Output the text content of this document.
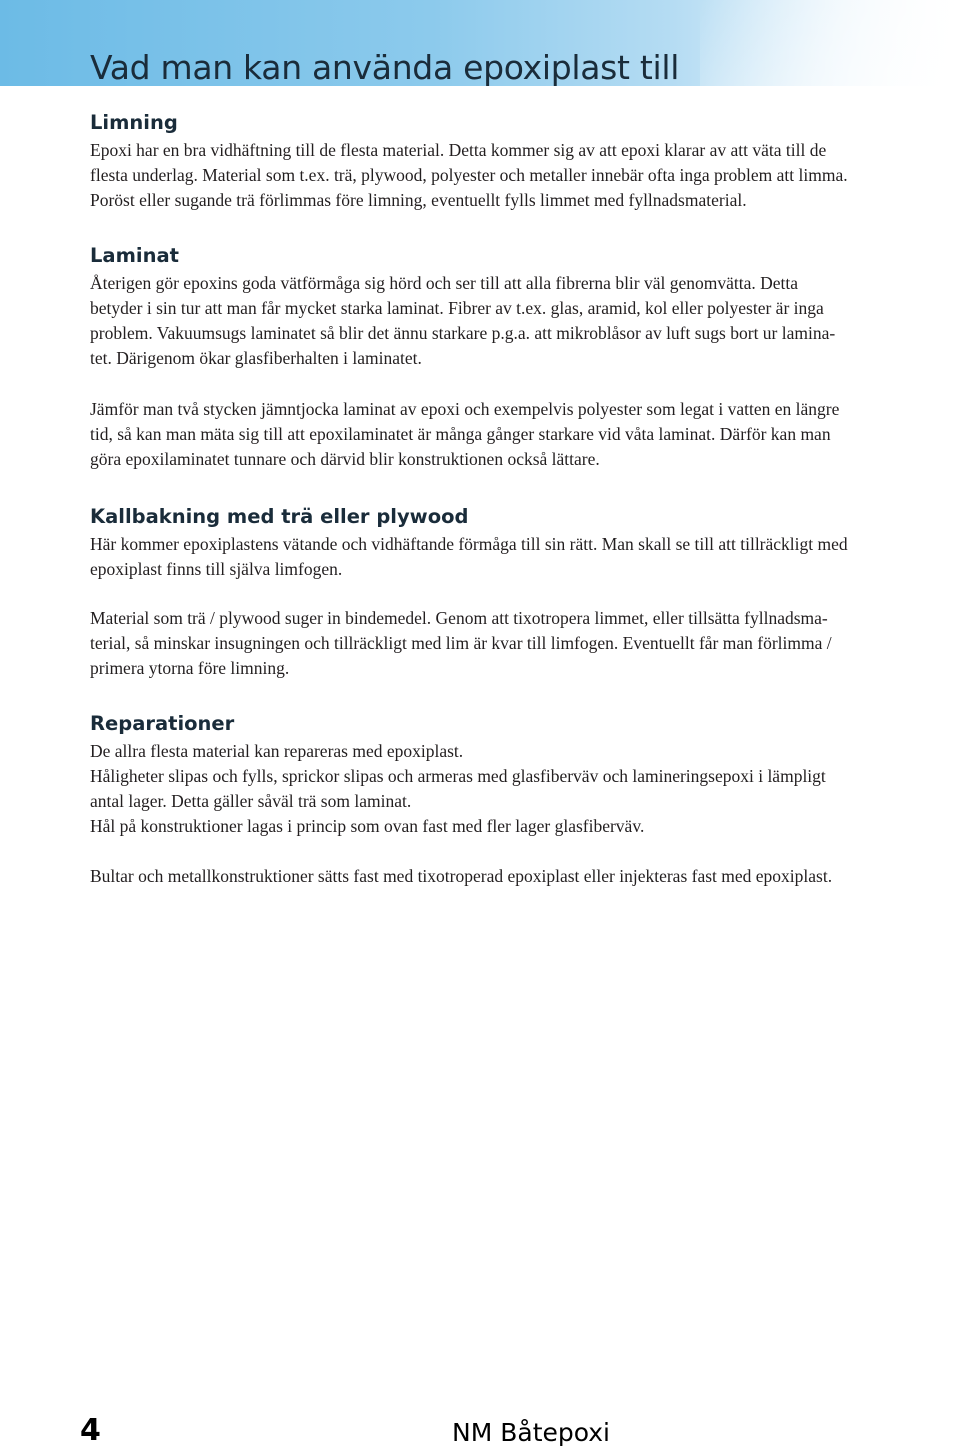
Vad man kan använda epoxiplast till
Limning

Epoxi har en bra vidhäftning till de flesta material. Detta kommer sig av att epoxi klarar av att väta till de
flesta underlag. Material som t.ex. trä, plywood, polyester och metaller innebär ofta inga problem att limma.
Poröst eller sugande trä förlimmas före limning, eventuellt fylls limmet med fyllnadsmaterial.

Laminat

Återigen gör epoxins goda vätförmåga sig hörd och ser till att alla fibrerna blir väl genomvätta. Detta
betyder i sin tur att man får mycket starka laminat. Fibrer av t.ex. glas, aramid, kol eller polyester är inga
problem. Vakuumsugs laminatet så blir det ännu starkare p.g.a. att mikroblåsor av luft sugs bort ur lamina-
tet. Därigenom ökar glasfiberhalten i laminatet.

Jämför man två stycken jämntjocka laminat av epoxi och exempelvis polyester som legat i vatten en längre
tid, så kan man mäta sig till att epoxilaminatet är många gånger starkare vid våta laminat. Därför kan man
göra epoxilaminatet tunnare och därvid blir konstruktionen också lättare.

Kallbakning med trä eller plywood

Här kommer epoxiplastens vätande och vidhäftande förmåga till sin rätt. Man skall se till att tillräckligt med
epoxiplast finns till själva limfogen.

Material som trä / plywood suger in bindemedel. Genom att tixotropera limmet, eller tillsätta fyllnadsma-
terial, så minskar insugningen och tillräckligt med lim är kvar till limfogen. Eventuellt får man förlimma /
primera ytorna före limning.

Reparationer

De allra flesta material kan repareras med epoxiplast.
Håligheter slipas och fylls, sprickor slipas och armeras med glasfiberväv och lamineringsepoxi i lämpligt
antal lager. Detta gäller såväl trä som laminat.
Hål på konstruktioner lagas i princip som ovan fast med fler lager glasfiberväv.

Bultar och metallkonstruktioner sätts fast med tixotroperad epoxiplast eller injekteras fast med epoxiplast.

4	NM Båtepoxi
